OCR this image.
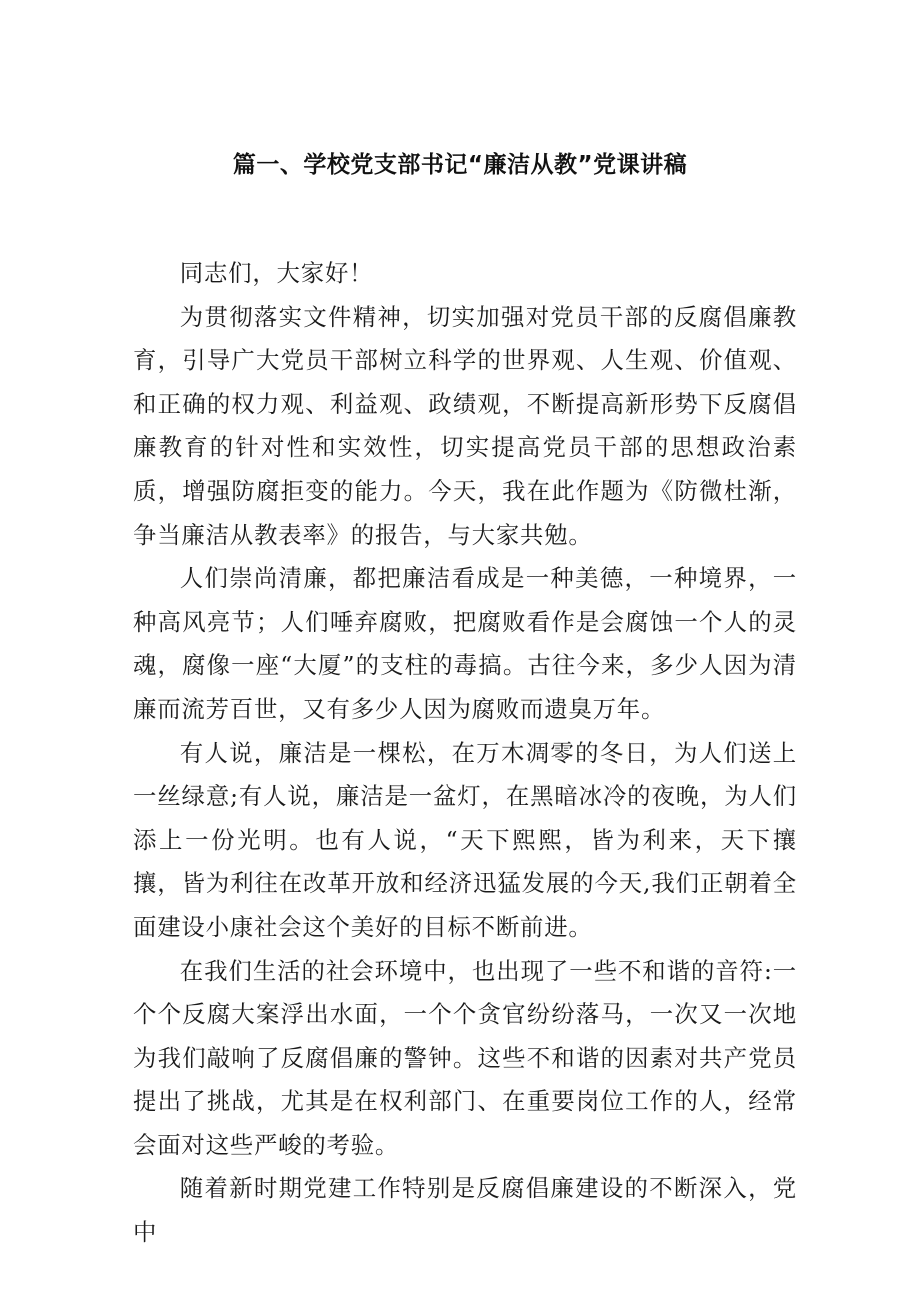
篇一、学校党支部书记“廉洁从教”党课讲稿

同志们，大家好！

为贯彻落实文件精神，切实加强对党员干部的反腐倡廉教育，引导广大党员干部树立科学的世界观、人生观、价值观、和正确的权力观、利益观、政绩观，不断提高新形势下反腐倡廉教育的针对性和实效性，切实提高党员干部的思想政治素质，增强防腐拒变的能力。今天，我在此作题为《防微杜渐，争当廉洁从教表率》的报告，与大家共勉。

人们崇尚清廉，都把廉洁看成是一种美德，一种境界，一种高风亮节；人们唾弃腐败，把腐败看作是会腐蚀一个人的灵魂，腐像一座“大厦”的支柱的毒搞。古往今来，多少人因为清廉而流芳百世，又有多少人因为腐败而遗臭万年。

有人说，廉洁是一棵松，在万木凋零的冬日，为人们送上一丝绿意;有人说，廉洁是一盆灯，在黑暗冰冷的夜晚，为人们添上一份光明。也有人说，“天下熙熙，皆为利来，天下攘攘，皆为利往在改革开放和经济迅猛发展的今天,我们正朝着全面建设小康社会这个美好的目标不断前进。

在我们生活的社会环境中，也出现了一些不和谐的音符:一个个反腐大案浮出水面，一个个贪官纷纷落马，一次又一次地为我们敲响了反腐倡廉的警钟。这些不和谐的因素对共产党员提出了挑战，尤其是在权利部门、在重要岗位工作的人，经常会面对这些严峻的考验。

随着新时期党建工作特别是反腐倡廉建设的不断深入，党中
